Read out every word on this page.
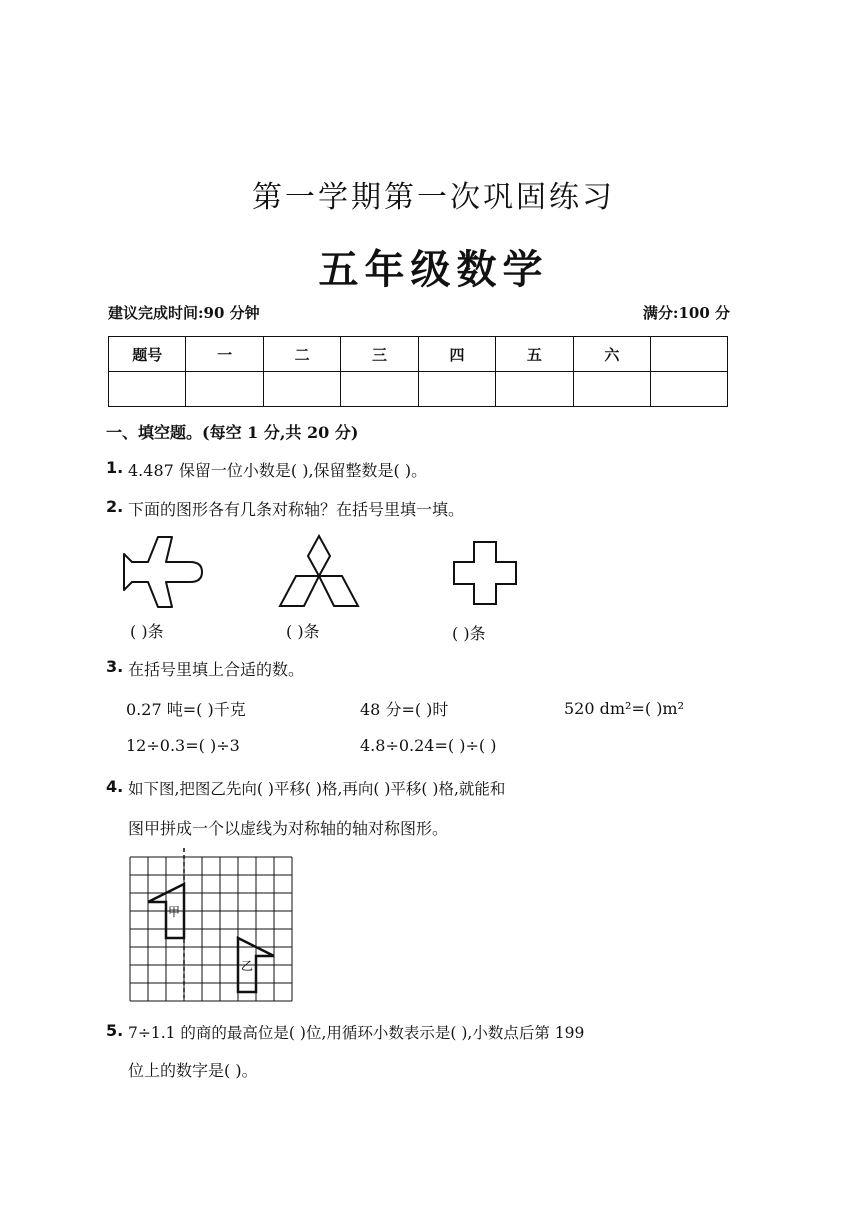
第一学期第一次巩固练习
五年级数学
建议完成时间:90 分钟	满分:100 分
题号	一	二	三	四	五	六	

一、填空题。(每空 1 分,共 20 分)
1. 4.487 保留一位小数是( ),保留整数是( )。
2. 下面的图形各有几条对称轴？在括号里填一填。
( )条	( )条	( )条
3. 在括号里填上合适的数。
0.27 吨=( )千克	48 分=( )时	520 dm²=( )m²
12÷0.3=( )÷3	4.8÷0.24=( )÷( )
4. 如下图,把图乙先向( )平移( )格,再向( )平移( )格,就能和
图甲拼成一个以虚线为对称轴的轴对称图形。
甲
乙
5. 7÷1.1 的商的最高位是( )位,用循环小数表示是( ),小数点后第 199
位上的数字是( )。
